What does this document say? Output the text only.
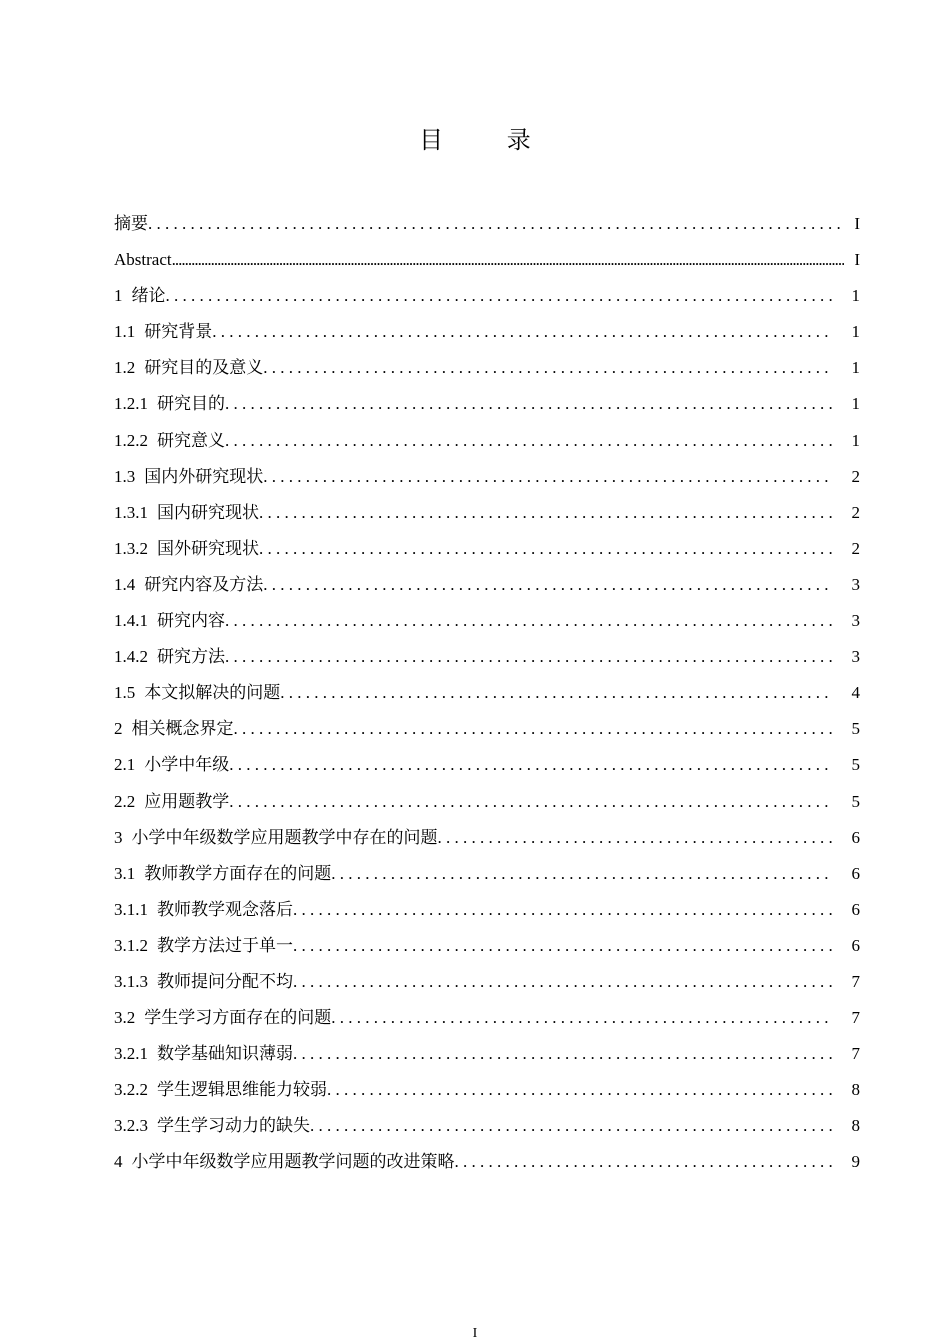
目 录
摘要 . . .	I
Abstract .....	I
1 绪论 . . .	1
1.1 研究背景 . . .	1
1.2 研究目的及意义 . . .	1
1.2.1 研究目的 . . .	1
1.2.2 研究意义 . . .	1
1.3 国内外研究现状 . . .	2
1.3.1 国内研究现状 . . .	2
1.3.2 国外研究现状 . . .	2
1.4 研究内容及方法 . . .	3
1.4.1 研究内容 . . .	3
1.4.2 研究方法 . . .	3
1.5 本文拟解决的问题 . . .	4
2 相关概念界定 . . .	5
2.1 小学中年级 . . .	5
2.2 应用题教学 . . .	5
3 小学中年级数学应用题教学中存在的问题 . . .	6
3.1 教师教学方面存在的问题 . . .	6
3.1.1 教师教学观念落后 . . .	6
3.1.2 教学方法过于单一 . . .	6
3.1.3 教师提问分配不均 . . .	7
3.2 学生学习方面存在的问题 . . .	7
3.2.1 数学基础知识薄弱 . . .	7
3.2.2 学生逻辑思维能力较弱 . . .	8
3.2.3 学生学习动力的缺失 . . .	8
4 小学中年级数学应用题教学问题的改进策略 . . .	9
I
